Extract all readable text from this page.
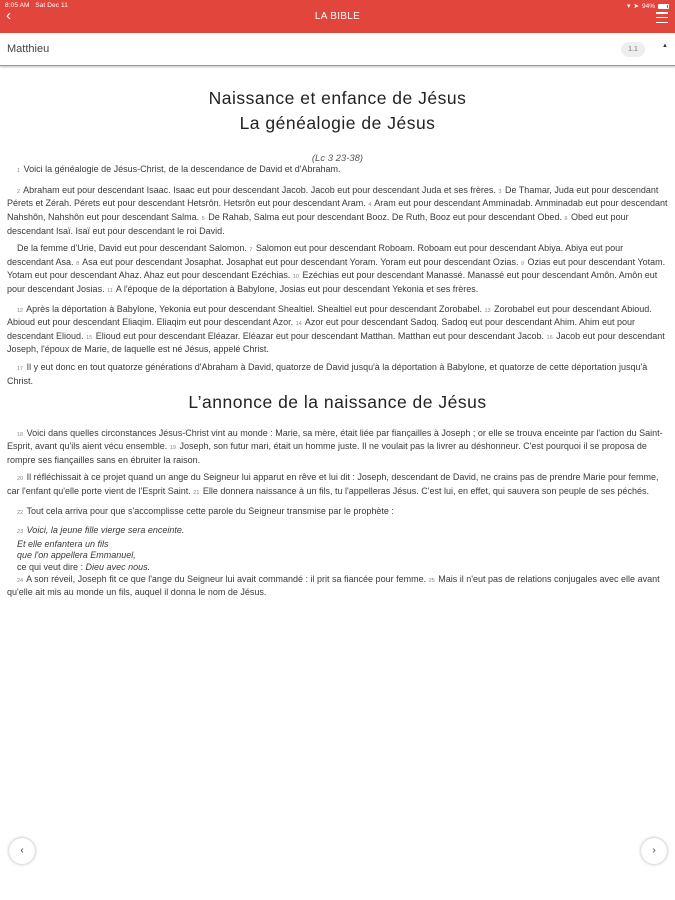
8:05 AM Sat Dec 11	▾ ➤ 94%
‹	LA BIBLE
Matthieu	1.1	▲
Naissance et enfance de Jésus
La généalogie de Jésus
(Lc 3 23-38)

1 Voici la généalogie de Jésus-Christ, de la descendance de David et d'Abraham.

2 Abraham eut pour descendant Isaac. Isaac eut pour descendant Jacob. Jacob eut pour descendant Juda et ses frères. 3 De Thamar, Juda eut pour descendant Pérets et Zérah. Pérets eut pour descendant Hetsrôn. Hetsrôn eut pour descendant Aram. 4 Aram eut pour descendant Amminadab. Amminadab eut pour descendant Nahshôn, Nahshôn eut pour descendant Salma. 5 De Rahab, Salma eut pour descendant Booz. De Ruth, Booz eut pour descendant Obed. 6 Obed eut pour descendant Isaï. Isaï eut pour descendant le roi David.

De la femme d'Urie, David eut pour descendant Salomon. 7 Salomon eut pour descendant Roboam. Roboam eut pour descendant Abiya. Abiya eut pour descendant Asa. 8 Asa eut pour descendant Josaphat. Josaphat eut pour descendant Yoram. Yoram eut pour descendant Ozias. 9 Ozias eut pour descendant Yotam. Yotam eut pour descendant Ahaz. Ahaz eut pour descendant Ezéchias. 10 Ezéchias eut pour descendant Manassé. Manassé eut pour descendant Amôn. Amôn eut pour descendant Josias. 11 A l'époque de la déportation à Babylone, Josias eut pour descendant Yekonia et ses frères.

12 Après la déportation à Babylone, Yekonia eut pour descendant Shealtiel. Shealtiel eut pour descendant Zorobabel. 13 Zorobabel eut pour descendant Abioud. Abioud eut pour descendant Eliaqim. Eliaqim eut pour descendant Azor. 14 Azor eut pour descendant Sadoq. Sadoq eut pour descendant Ahim. Ahim eut pour descendant Elioud. 15 Elioud eut pour descendant Eléazar. Eléazar eut pour descendant Matthan. Matthan eut pour descendant Jacob. 16 Jacob eut pour descendant Joseph, l'époux de Marie, de laquelle est né Jésus, appelé Christ.

17 Il y eut donc en tout quatorze générations d'Abraham à David, quatorze de David jusqu'à la déportation à Babylone, et quatorze de cette déportation jusqu'à Christ.

L’annonce de la naissance de Jésus

18 Voici dans quelles circonstances Jésus-Christ vint au monde : Marie, sa mère, était liée par fiançailles à Joseph ; or elle se trouva enceinte par l'action du Saint-Esprit, avant qu'ils aient vécu ensemble. 19 Joseph, son futur mari, était un homme juste. Il ne voulait pas la livrer au déshonneur. C'est pourquoi il se proposa de rompre ses fiançailles sans en ébruiter la raison.

20 Il réfléchissait à ce projet quand un ange du Seigneur lui apparut en rêve et lui dit : Joseph, descendant de David, ne crains pas de prendre Marie pour femme, car l'enfant qu'elle porte vient de l'Esprit Saint. 21 Elle donnera naissance à un fils, tu l'appelleras Jésus. C'est lui, en effet, qui sauvera son peuple de ses péchés.

22 Tout cela arriva pour que s'accomplisse cette parole du Seigneur transmise par le prophète :

23 Voici, la jeune fille vierge sera enceinte.
Et elle enfantera un fils
que l'on appellera Emmanuel,
ce qui veut dire : Dieu avec nous.

24 A son réveil, Joseph fit ce que l'ange du Seigneur lui avait commandé : il prit sa fiancée pour femme. 25 Mais il n'eut pas de relations conjugales avec elle avant qu'elle ait mis au monde un fils, auquel il donna le nom de Jésus.

‹	›
